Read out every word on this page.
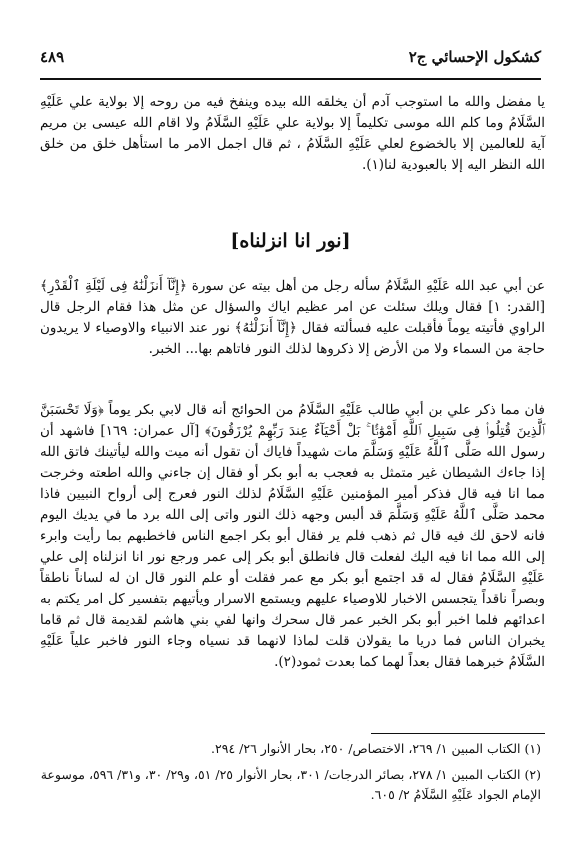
كشكول الإحسائي ج٢
٤٨٩
يا مفضل والله ما استوجب آدم أن يخلقه الله بيده وينفخ فيه من روحه إلا بولاية علي عَلَيْهِ السَّلَامُ وما كلم الله موسى تكليماً إلا بولاية علي عَلَيْهِ السَّلَامُ ولا اقام الله عيسى بن مريم آية للعالمين إلا بالخضوع لعلي عَلَيْهِ السَّلَامُ ، ثم قال اجمل الامر ما استأهل خلق من خلق الله النظر اليه إلا بالعبودية لنا(١).
[نور انا انزلناه]
عن أبي عبد الله عَلَيْهِ السَّلَامُ سأله رجل من أهل بيته عن سورة ﴿إِنَّآ أَنزَلْنَٰهُ فِى لَيْلَةِ ٱلْقَدْرِ﴾ [القدر: ١] فقال ويلك سئلت عن امر عظيم اياك والسؤال عن مثل هذا فقام الرجل قال الراوي فأتيته يوماً فأقبلت عليه فسألته فقال ﴿إِنَّآ أَنزَلْنَٰهُ﴾ نور عند الانبياء والاوصياء لا يريدون حاجة من السماء ولا من الأرض إلا ذكروها لذلك النور فاتاهم بها... الخبر.
فان مما ذكر علي بن أبي طالب عَلَيْهِ السَّلَامُ من الحوائج أنه قال لابي بكر يوماً ﴿وَلَا تَحْسَبَنَّ ٱلَّذِينَ قُتِلُوا۟ فِى سَبِيلِ ٱللَّهِ أَمْوَٰتًۢا ۚ بَلْ أَحْيَآءٌ عِندَ رَبِّهِمْ يُرْزَقُونَ﴾ [آل عمران: ١٦٩] فاشهد أن رسول الله صَلَّى ٱللَّهُ عَلَيْهِ وَسَلَّمَ مات شهيداً فاياك أن تقول أنه ميت والله ليأتينك فاتق الله إذا جاءك الشيطان غير متمثل به فعجب به أبو بكر أو فقال إن جاءني والله اطعته وخرجت مما انا فيه قال فذكر أمير المؤمنين عَلَيْهِ السَّلَامُ لذلك النور فعرج إلى أرواح النبيين فاذا محمد صَلَّى ٱللَّهُ عَلَيْهِ وَسَلَّمَ قد ألبس وجهه ذلك النور واتى إلى الله برد ما في يديك اليوم فانه لاحق لك فيه قال ثم ذهب فلم ير فقال أبو بكر اجمع الناس فاخطبهم بما رأيت وابرء إلى الله مما انا فيه اليك لفعلت قال فانطلق أبو بكر إلى عمر ورجع نور انا انزلناه إلى علي عَلَيْهِ السَّلَامُ فقال له قد اجتمع أبو بكر مع عمر فقلت أو علم النور قال ان له لساناً ناطقاً وبصراً ناقداً يتجسس الاخبار للاوصياء عليهم ويستمع الاسرار ويأتيهم بتفسير كل امر يكتم به اعدائهم فلما اخبر أبو بكر الخبر عمر قال سحرك وانها لفي بني هاشم لقديمة قال ثم قاما يخبران الناس فما دريا ما يقولان قلت لماذا لانهما قد نسياه وجاء النور فاخبر علياً عَلَيْهِ السَّلَامُ خبرهما فقال بعداً لهما كما بعدت ثمود(٢).
(١) الكتاب المبين ١/ ٢٦٩، الاختصاص/ ٢٥٠، بحار الأنوار ٢٦/ ٢٩٤.
(٢) الكتاب المبين ١/ ٢٧٨، بصائر الدرجات/ ٣٠١، بحار الأنوار ٢٥/ ٥١، و٢٩/ ٣٠، و٣١/ ٥٩٦، موسوعة الإمام الجواد عَلَيْهِ السَّلَامُ ٢/ ٦٠٥.
